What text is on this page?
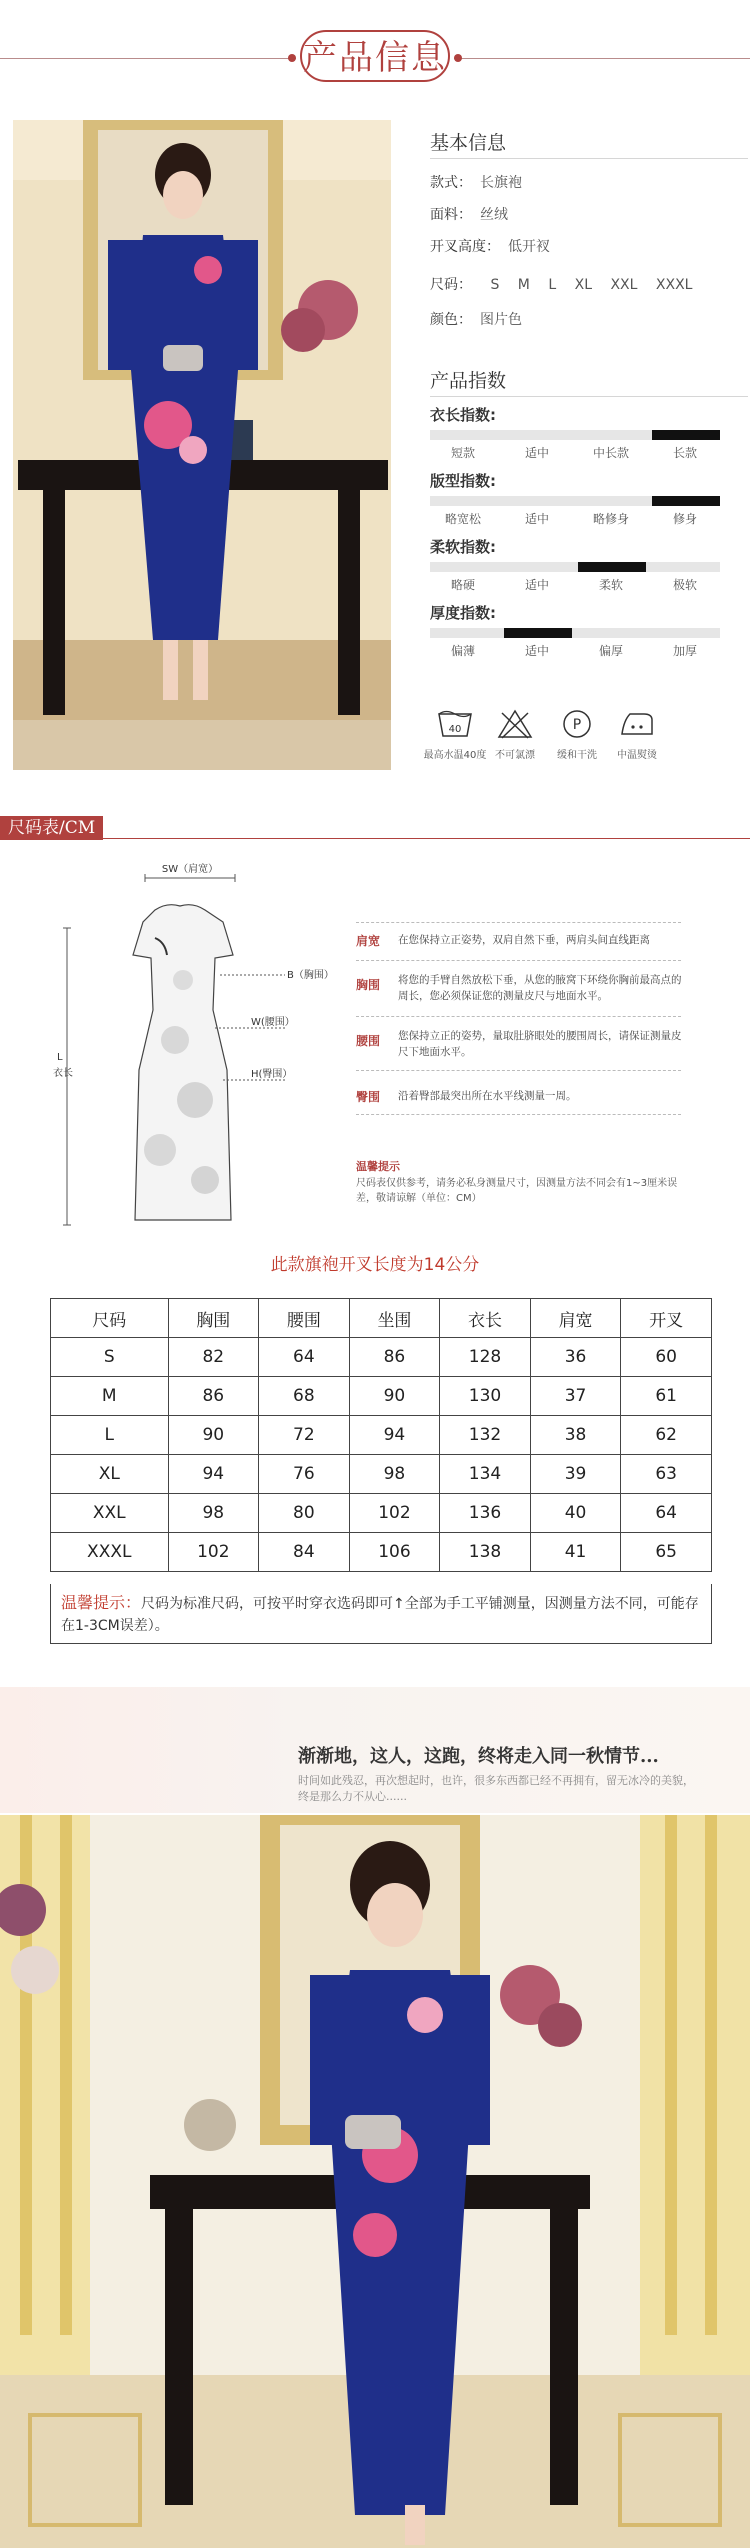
产品信息
基本信息
款式： 长旗袍
面料： 丝绒
开叉高度： 低开衩
尺码： S M L XL XXL XXXL
颜色： 图片色
产品指数
衣长指数:
短款	适中	中长款	长款
版型指数:
略宽松	适中	略修身	修身
柔软指数:
略硬	适中	柔软	极软
厚度指数:
偏薄	适中	偏厚	加厚
40
最高水温40度 不可氯漂
P
缓和干洗	中温熨烫
尺码表/CM
SW（肩宽）
B（胸围）
W(腰围）
H(臀围）
L
衣长
肩宽 在您保持立正姿势，双肩自然下垂，两肩头间直线距离
胸围 将您的手臂自然放松下垂，从您的腋窝下环绕你胸前最高点的周长，您必须保证您的测量皮尺与地面水平。
腰围 您保持立正的姿势，量取肚脐眼处的腰围周长，请保证测量皮尺下地面水平。
臀围 沿着臀部最突出所在水平线测量一周。
温馨提示
尺码表仅供参考，请务必私身测量尺寸，因测量方法不同会有1~3厘米误差，敬请谅解（单位：CM）
此款旗袍开叉长度为14公分
尺码	胸围	腰围	坐围	衣长	肩宽	开叉
S	82	64	86	128	36	60
M	86	68	90	130	37	61
L	90	72	94	132	38	62
XL	94	76	98	134	39	63
XXL	98	80	102	136	40	64
XXXL	102	84	106	138	41	65
温馨提示：尺码为标准尺码，可按平时穿衣选码即可↑全部为手工平铺测量，因测量方法不同，可能存在1-3CM误差）。
渐渐地，这人，这跑，终将走入同一秋情节...
时间如此残忍，再次想起时，也许，很多东西都已经不再拥有，留无冰冷的美貌，
终是那么力不从心......
